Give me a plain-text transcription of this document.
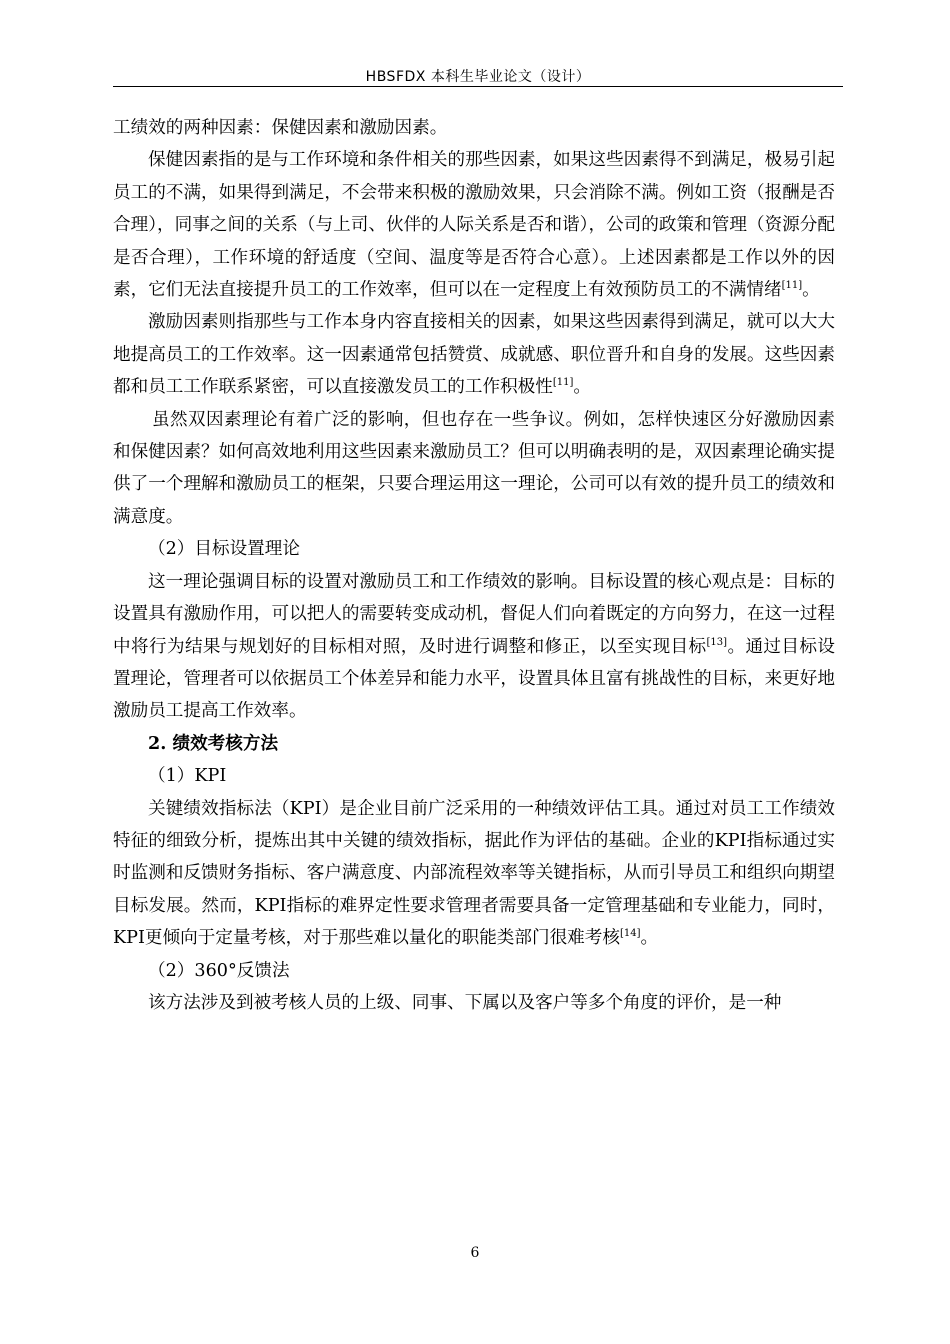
HBSFDX 本科生毕业论文（设计）

工绩效的两种因素：保健因素和激励因素。

保健因素指的是与工作环境和条件相关的那些因素，如果这些因素得不到满足，极易引起员工的不满，如果得到满足，不会带来积极的激励效果，只会消除不满。例如工资（报酬是否合理），同事之间的关系（与上司、伙伴的人际关系是否和谐），公司的政策和管理（资源分配是否合理），工作环境的舒适度（空间、温度等是否符合心意）。上述因素都是工作以外的因素，它们无法直接提升员工的工作效率，但可以在一定程度上有效预防员工的不满情绪[11]。

激励因素则指那些与工作本身内容直接相关的因素，如果这些因素得到满足，就可以大大地提高员工的工作效率。这一因素通常包括赞赏、成就感、职位晋升和自身的发展。这些因素都和员工工作联系紧密，可以直接激发员工的工作积极性[11]。

虽然双因素理论有着广泛的影响，但也存在一些争议。例如，怎样快速区分好激励因素和保健因素？如何高效地利用这些因素来激励员工？但可以明确表明的是，双因素理论确实提供了一个理解和激励员工的框架，只要合理运用这一理论，公司可以有效的提升员工的绩效和满意度。

（2）目标设置理论

这一理论强调目标的设置对激励员工和工作绩效的影响。目标设置的核心观点是：目标的设置具有激励作用，可以把人的需要转变成动机，督促人们向着既定的方向努力，在这一过程中将行为结果与规划好的目标相对照，及时进行调整和修正，以至实现目标[13]。通过目标设置理论，管理者可以依据员工个体差异和能力水平，设置具体且富有挑战性的目标，来更好地激励员工提高工作效率。

2. 绩效考核方法

（1）KPI

关键绩效指标法（KPI）是企业目前广泛采用的一种绩效评估工具。通过对员工工作绩效特征的细致分析，提炼出其中关键的绩效指标，据此作为评估的基础。企业的KPI指标通过实时监测和反馈财务指标、客户满意度、内部流程效率等关键指标，从而引导员工和组织向期望目标发展。然而，KPI指标的难界定性要求管理者需要具备一定管理基础和专业能力，同时，KPI更倾向于定量考核，对于那些难以量化的职能类部门很难考核[14]。

（2）360°反馈法

该方法涉及到被考核人员的上级、同事、下属以及客户等多个角度的评价，是一种

6
